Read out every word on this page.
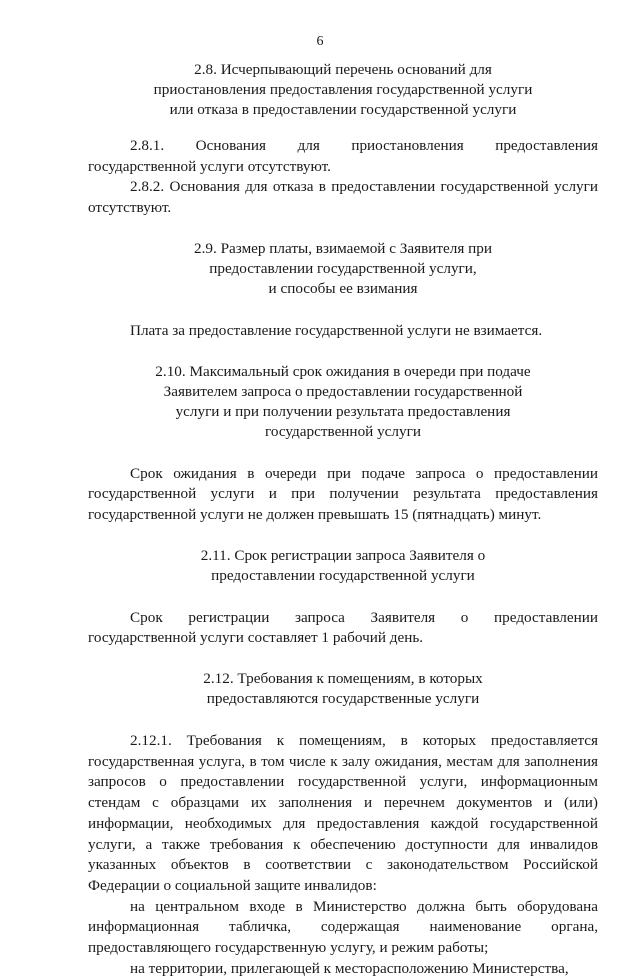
6
2.8. Исчерпывающий перечень оснований для
приостановления предоставления государственной услуги
или отказа в предоставлении государственной услуги

2.8.1. Основания для приостановления предоставления государственной услуги отсутствуют.

2.8.2. Основания для отказа в предоставлении государственной услуги отсутствуют.

2.9. Размер платы, взимаемой с Заявителя при
предоставлении государственной услуги,
и способы ее взимания

Плата за предоставление государственной услуги не взимается.

2.10. Максимальный срок ожидания в очереди при подаче
Заявителем запроса о предоставлении государственной
услуги и при получении результата предоставления
государственной услуги

Срок ожидания в очереди при подаче запроса о предоставлении государственной услуги и при получении результата предоставления государственной услуги не должен превышать 15 (пятнадцать) минут.

2.11. Срок регистрации запроса Заявителя о
предоставлении государственной услуги

Срок регистрации запроса Заявителя о предоставлении государственной услуги составляет 1 рабочий день.

2.12. Требования к помещениям, в которых
предоставляются государственные услуги

2.12.1. Требования к помещениям, в которых предоставляется государственная услуга, в том числе к залу ожидания, местам для заполнения запросов о предоставлении государственной услуги, информационным стендам с образцами их заполнения и перечнем документов и (или) информации, необходимых для предоставления каждой государственной услуги, а также требования к обеспечению доступности для инвалидов указанных объектов в соответствии с законодательством Российской Федерации о социальной защите инвалидов:

на центральном входе в Министерство должна быть оборудована информационная табличка, содержащая наименование органа, предоставляющего государственную услугу, и режим работы;

на территории, прилегающей к месторасположению Министерства,
